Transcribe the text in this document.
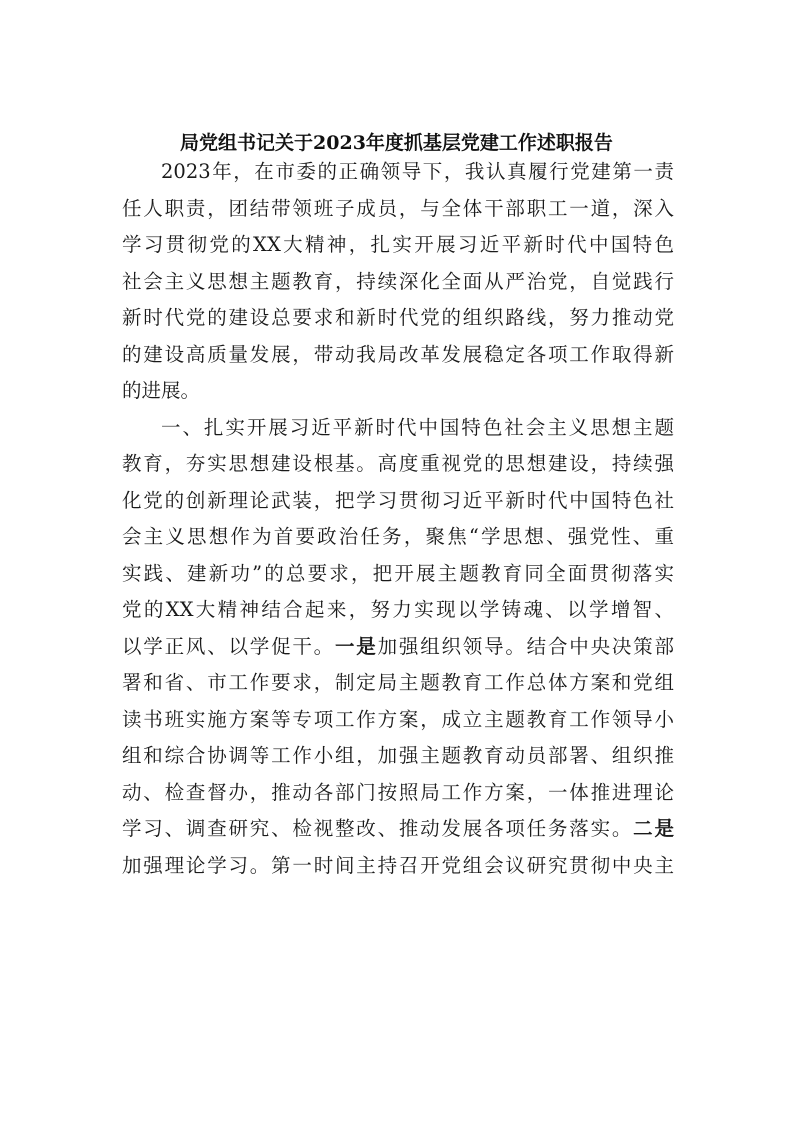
局党组书记关于2023年度抓基层党建工作述职报告

2023年，在市委的正确领导下，我认真履行党建第一责

任人职责，团结带领班子成员，与全体干部职工一道，深入

学习贯彻党的XX大精神，扎实开展习近平新时代中国特色

社会主义思想主题教育，持续深化全面从严治党，自觉践行

新时代党的建设总要求和新时代党的组织路线，努力推动党

的建设高质量发展，带动我局改革发展稳定各项工作取得新

的进展。

一、扎实开展习近平新时代中国特色社会主义思想主题

教育，夯实思想建设根基。高度重视党的思想建设，持续强

化党的创新理论武装，把学习贯彻习近平新时代中国特色社

会主义思想作为首要政治任务，聚焦“学思想、强党性、重

实践、建新功”的总要求，把开展主题教育同全面贯彻落实

党的XX大精神结合起来，努力实现以学铸魂、以学增智、

以学正风、以学促干。一是加强组织领导。结合中央决策部

署和省、市工作要求，制定局主题教育工作总体方案和党组

读书班实施方案等专项工作方案，成立主题教育工作领导小

组和综合协调等工作小组，加强主题教育动员部署、组织推

动、检查督办，推动各部门按照局工作方案，一体推进理论

学习、调查研究、检视整改、推动发展各项任务落实。二是

加强理论学习。第一时间主持召开党组会议研究贯彻中央主
